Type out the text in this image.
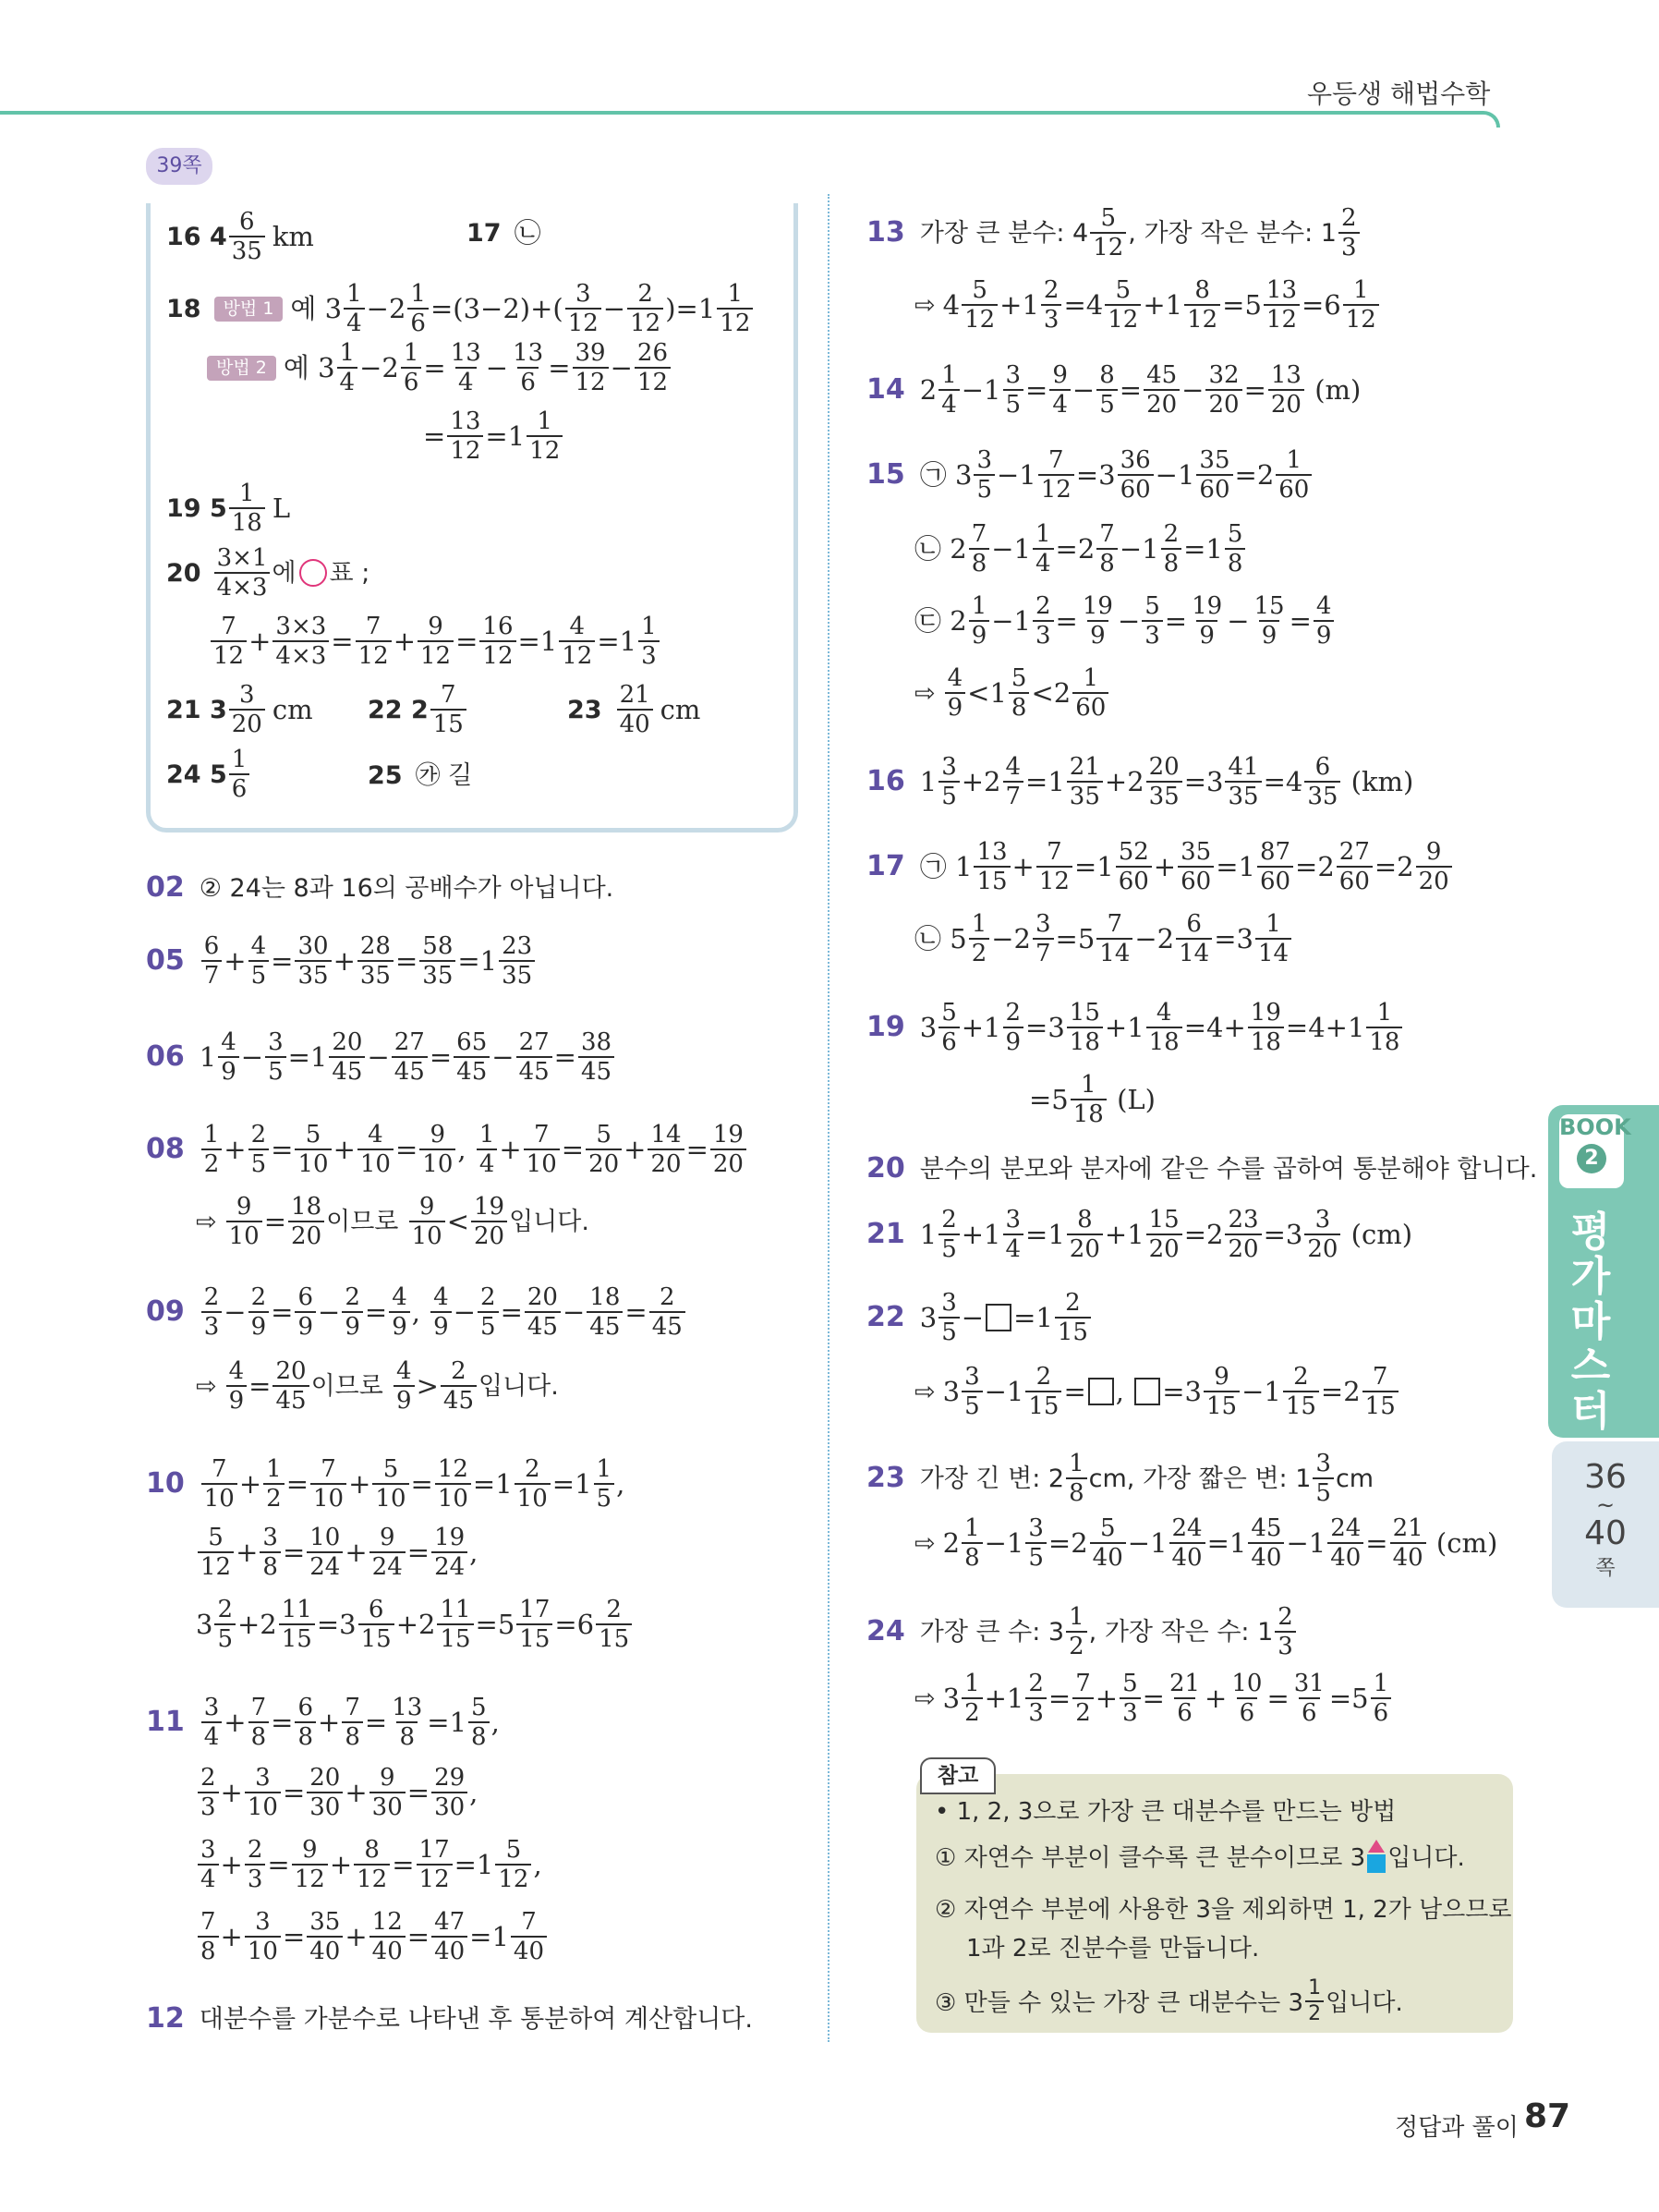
우등생 해법수학
39쪽
16 $4 \frac{6}{35}$ km	17 ㉡
18	방법 1 예 $3 \frac{1}{4} -2 \frac{1}{6} =(3-2)+( \frac{3}{12} - \frac{2}{12} )=1 \frac{1}{12}$
방법 2 예 $3 \frac{1}{4} -2 \frac{1}{6} = \frac{13}{4} - \frac{13}{6} = \frac{39}{12} - \frac{26}{12}$
= $\frac{13}{12} =1 \frac{1}{12}$
19 $5 \frac{1}{18}$ L
$20 \frac{3\times 1}{4\times 3}$ 에 ○ 표 ;
$\frac{7}{12} + \frac{3\times 3}{4\times 3} = \frac{7}{12} + \frac{9}{12} = \frac{16}{12} =1 \frac{4}{12} =1 \frac{1}{3}$
21 $3 \frac{3}{20}$ cm 22 $2 \frac{7}{15}$	$23 \frac{21}{40}$ cm
24 $5 \frac{1}{6}$	25 ㉮ 길
02 ② 24는 8과 16의 공배수가 아닙니다.
$05 \frac{6}{7} + \frac{4}{5} = \frac{30}{35} + \frac{28}{35} = \frac{58}{35} =1 \frac{23}{35}$
06 $1 \frac{4}{9} - \frac{3}{5} =1 \frac{20}{45} - \frac{27}{45} = \frac{65}{45} - \frac{27}{45} = \frac{38}{45}$
$08 \frac{1}{2} + \frac{2}{5} = \frac{5}{10} + \frac{4}{10} = \frac{9}{10}$ , $\frac{1}{4} + \frac{7}{10} = \frac{5}{20} + \frac{14}{20} = \frac{19}{20}$
⇨ $\frac{9}{10} = \frac{18}{20}$ 이므로
$\frac{9}{10} < \frac{19}{20}$ 입니다.
$09 \frac{2}{3} - \frac{2}{9} = \frac{6}{9} - \frac{2}{9} = \frac{4}{9}$ , $\frac{4}{9} - \frac{2}{5} = \frac{20}{45} - \frac{18}{45} = \frac{2}{45}$
⇨ $\frac{4}{9} = \frac{20}{45}$ 이므로
$\frac{4}{9} > \frac{2}{45}$ 입니다.
$10 \frac{7}{10} + \frac{1}{2} = \frac{7}{10} + \frac{5}{10} = \frac{12}{10} =1 \frac{2}{10} =1 \frac{1}{5}$ ,
$\frac{5}{12} + \frac{3}{8} = \frac{10}{24} + \frac{9}{24} = \frac{19}{24}$ ,
$3 \frac{2}{5} +2 \frac{11}{15} =3 \frac{6}{15} +2 \frac{11}{15} =5 \frac{17}{15} =6 \frac{2}{15}$
$11 \frac{3}{4} + \frac{7}{8} = \frac{6}{8} + \frac{7}{8} = \frac{13}{8} =1 \frac{5}{8}$ ,
$\frac{2}{3} + \frac{3}{10} = \frac{20}{30} + \frac{9}{30} = \frac{29}{30}$ ,
$\frac{3}{4} + \frac{2}{3} = \frac{9}{12} + \frac{8}{12} = \frac{17}{12} =1 \frac{5}{12}$ ,
$\frac{7}{8} + \frac{3}{10} = \frac{35}{40} + \frac{12}{40} = \frac{47}{40} =1 \frac{7}{40}$
12 대분수를 가분수로 나타낸 후 통분하여 계산합니다.
13 가장 큰 분수: $4 \frac{5}{12}$ , 가장 작은 분수: $1 \frac{2}{3}$
⇨ $4 \frac{5}{12} +1 \frac{2}{3} =4 \frac{5}{12} +1 \frac{8}{12} =5 \frac{13}{12} =6 \frac{1}{12}$
14 $2 \frac{1}{4} -1 \frac{3}{5} = \frac{9}{4} - \frac{8}{5} = \frac{45}{20} - \frac{32}{20} = \frac{13}{20}$
(m)
15 ㉠ $3 \frac{3}{5} -1 \frac{7}{12} =3 \frac{36}{60} -1 \frac{35}{60} =2 \frac{1}{60}$
㉡ $2 \frac{7}{8} -1 \frac{1}{4} =2 \frac{7}{8} -1 \frac{2}{8} =1 \frac{5}{8}$
㉢ $2 \frac{1}{9} -1 \frac{2}{3} = \frac{19}{9} - \frac{5}{3} = \frac{19}{9} - \frac{15}{9} = \frac{4}{9}$
⇨ $\frac{4}{9} <1 \frac{5}{8} <2 \frac{1}{60}$
16 $1 \frac{3}{5} +2 \frac{4}{7} =1 \frac{21}{35} +2 \frac{20}{35} =3 \frac{41}{35} =4 \frac{6}{35}$
(km)
17 ㉠ $1 \frac{13}{15} + \frac{7}{12} =1 \frac{52}{60} + \frac{35}{60} =1 \frac{87}{60} =2 \frac{27}{60} =2 \frac{9}{20}$
㉡ $5 \frac{1}{2} -2 \frac{3}{7} =5 \frac{7}{14} -2 \frac{6}{14} =3 \frac{1}{14}$
19 $3 \frac{5}{6} +1 \frac{2}{9} =3 \frac{15}{18} +1 \frac{4}{18} =4+ \frac{19}{18} =4+1 \frac{1}{18}$
$=5 \frac{1}{18}$
(L)
20 분수의 분모와 분자에 같은 수를 곱하여 통분해야 합니다.
21 $1 \frac{2}{5} +1 \frac{3}{4} =1 \frac{8}{20} +1 \frac{15}{20} =2 \frac{23}{20} =3 \frac{3}{20}$
(cm)
22 $3 \frac{3}{5} - =1 \frac{2}{15}$
⇨ $3 \frac{3}{5} -1 \frac{2}{15}$ = ,
$=3 \frac{9}{15} -1 \frac{2}{15} =2 \frac{7}{15}$
23 가장 긴 변: $2 \frac{1}{8}$ cm, 가장 짧은 변: $1 \frac{3}{5}$ cm
⇨ $2 \frac{1}{8} -1 \frac{3}{5} =2 \frac{5}{40} -1 \frac{24}{40} =1 \frac{45}{40} -1 \frac{24}{40} = \frac{21}{40}$
(cm)
24 가장 큰 수: $3 \frac{1}{2}$ , 가장 작은 수: $1 \frac{2}{3}$
⇨ $3 \frac{1}{2} +1 \frac{2}{3} = \frac{7}{2} + \frac{5}{3} = \frac{21}{6} + \frac{10}{6} = \frac{31}{6} =5 \frac{1}{6}$
참고
• 1, 2, 3으로 가장 큰 대분수를 만드는 방법
① 자연수 부분이 클수록 큰 분수이므로 3 입니다.
② 자연수 부분에 사용한 3을 제외하면 1, 2가 남으므로
1과 2로 진분수를 만듭니다.
③ 만들 수 있는 가장 큰 대분수는 $3 \frac{1}{2}$ 입니다.
BOOK
2
평가마스터
36
~
40
쪽
정답과 풀이 87
